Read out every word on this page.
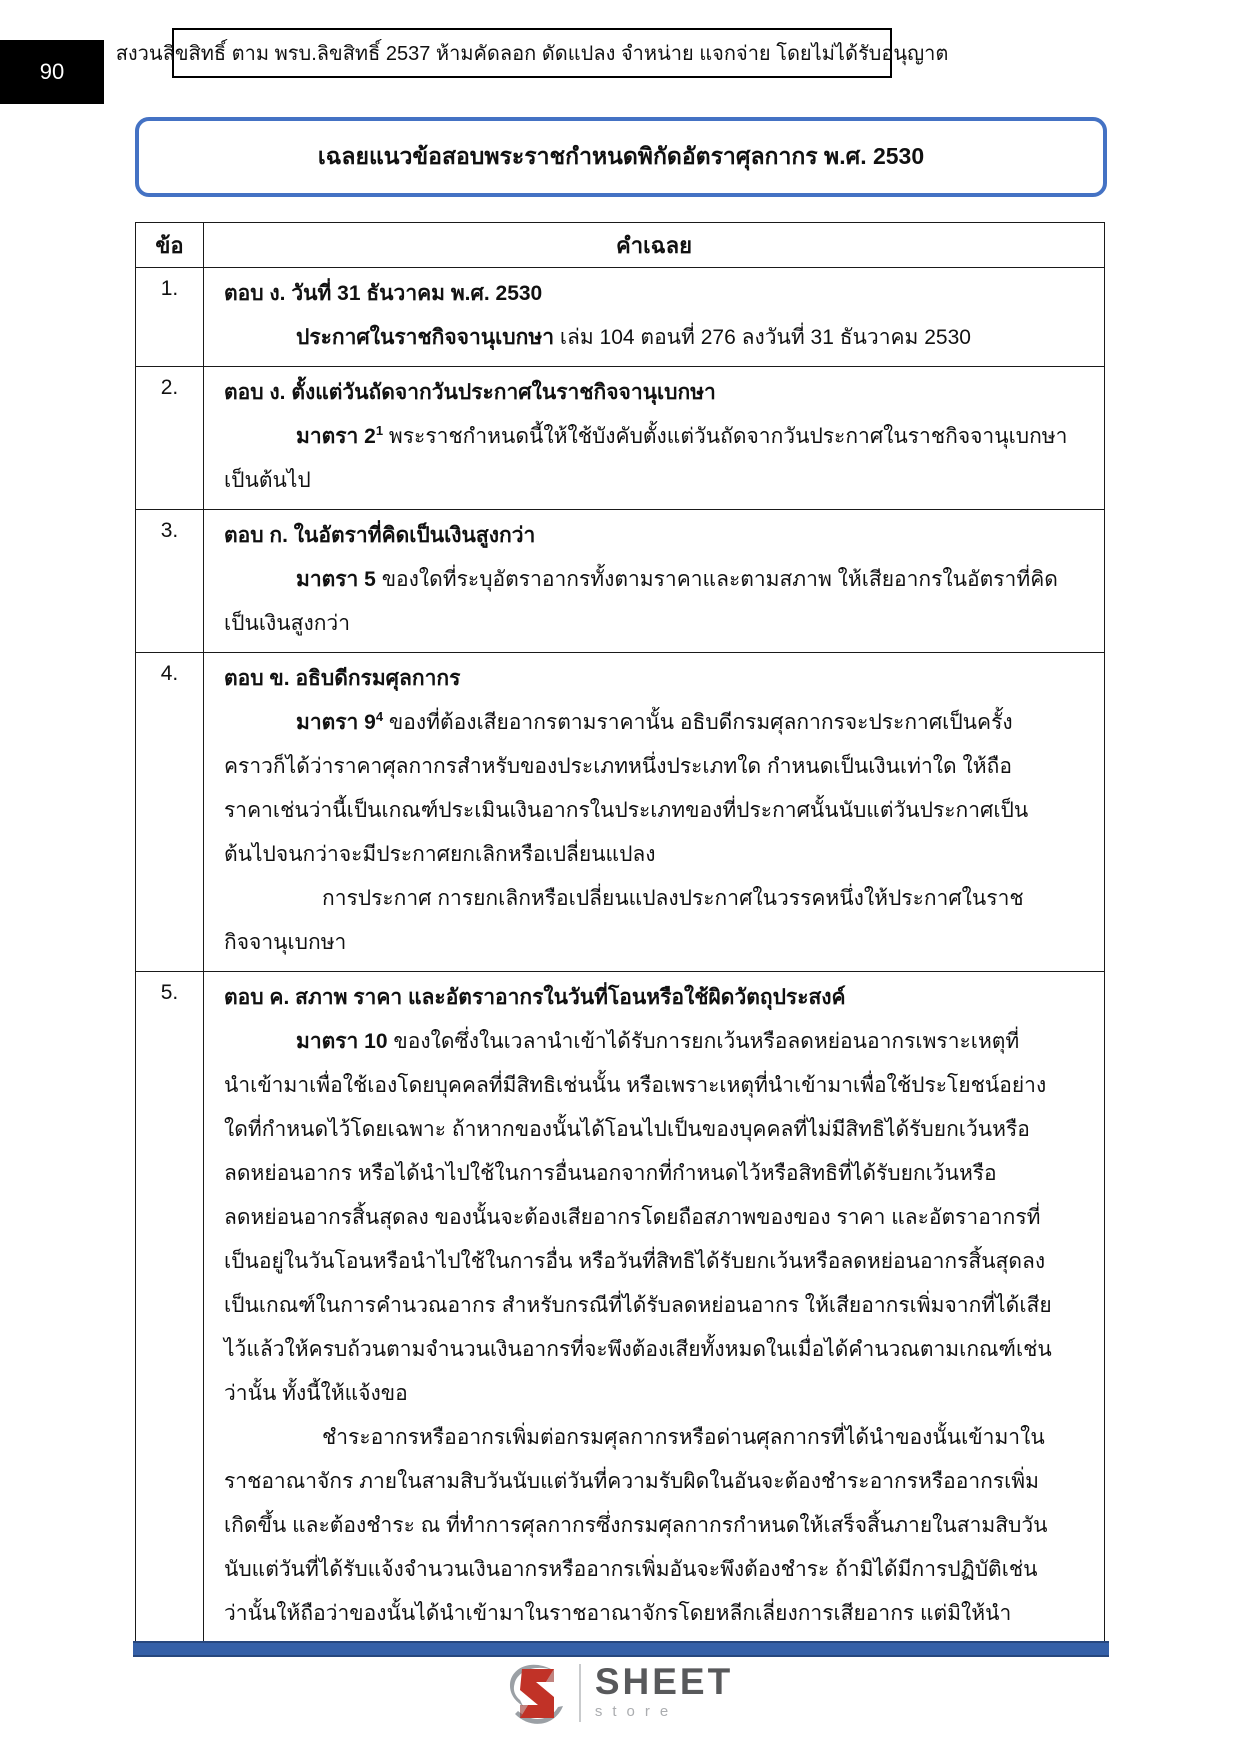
90
สงวนลิขสิทธิ์ ตาม พรบ.ลิขสิทธิ์ 2537 ห้ามคัดลอก ดัดแปลง จำหน่าย แจกจ่าย โดยไม่ได้รับอนุญาต
เฉลยแนวข้อสอบพระราชกำหนดพิกัดอัตราศุลกากร พ.ศ. 2530
ข้อ	คำเฉลย
1.	ตอบ ง. วันที่ 31 ธันวาคม พ.ศ. 2530
ประกาศในราชกิจจานุเบกษา เล่ม 104 ตอนที่ 276 ลงวันที่ 31 ธันวาคม 2530

2.	ตอบ ง. ตั้งแต่วันถัดจากวันประกาศในราชกิจจานุเบกษา
มาตรา $2^1$ พระราชกำหนดนี้ให้ใช้บังคับตั้งแต่วันถัดจากวันประกาศในราชกิจจานุเบกษา
เป็นต้นไป

3.	ตอบ ก. ในอัตราที่คิดเป็นเงินสูงกว่า
มาตรา 5 ของใดที่ระบุอัตราอากรทั้งตามราคาและตามสภาพ ให้เสียอากรในอัตราที่คิด
เป็นเงินสูงกว่า

4.	ตอบ ข. อธิบดีกรมศุลกากร
มาตรา $9^4$ ของที่ต้องเสียอากรตามราคานั้น อธิบดีกรมศุลกากรจะประกาศเป็นครั้ง
คราวก็ได้ว่าราคาศุลกากรสำหรับของประเภทหนึ่งประเภทใด กำหนดเป็นเงินเท่าใด ให้ถือ
ราคาเช่นว่านี้เป็นเกณฑ์ประเมินเงินอากรในประเภทของที่ประกาศนั้นนับแต่วันประกาศเป็น
ต้นไปจนกว่าจะมีประกาศยกเลิกหรือเปลี่ยนแปลง
การประกาศ การยกเลิกหรือเปลี่ยนแปลงประกาศในวรรคหนึ่งให้ประกาศในราช
กิจจานุเบกษา

5.	ตอบ ค. สภาพ ราคา และอัตราอากรในวันที่โอนหรือใช้ผิดวัตถุประสงค์
มาตรา 10 ของใดซึ่งในเวลานำเข้าได้รับการยกเว้นหรือลดหย่อนอากรเพราะเหตุที่
นำเข้ามาเพื่อใช้เองโดยบุคคลที่มีสิทธิเช่นนั้น หรือเพราะเหตุที่นำเข้ามาเพื่อใช้ประโยชน์อย่าง
ใดที่กำหนดไว้โดยเฉพาะ ถ้าหากของนั้นได้โอนไปเป็นของบุคคลที่ไม่มีสิทธิได้รับยกเว้นหรือ
ลดหย่อนอากร หรือได้นำไปใช้ในการอื่นนอกจากที่กำหนดไว้หรือสิทธิที่ได้รับยกเว้นหรือ
ลดหย่อนอากรสิ้นสุดลง ของนั้นจะต้องเสียอากรโดยถือสภาพของของ ราคา และอัตราอากรที่
เป็นอยู่ในวันโอนหรือนำไปใช้ในการอื่น หรือวันที่สิทธิได้รับยกเว้นหรือลดหย่อนอากรสิ้นสุดลง
เป็นเกณฑ์ในการคำนวณอากร สำหรับกรณีที่ได้รับลดหย่อนอากร ให้เสียอากรเพิ่มจากที่ได้เสีย
ไว้แล้วให้ครบถ้วนตามจำนวนเงินอากรที่จะพึงต้องเสียทั้งหมดในเมื่อได้คำนวณตามเกณฑ์เช่น
ว่านั้น ทั้งนี้ให้แจ้งขอ
ชำระอากรหรืออากรเพิ่มต่อกรมศุลกากรหรือด่านศุลกากรที่ได้นำของนั้นเข้ามาใน
ราชอาณาจักร ภายในสามสิบวันนับแต่วันที่ความรับผิดในอันจะต้องชำระอากรหรืออากรเพิ่ม
เกิดขึ้น และต้องชำระ ณ ที่ทำการศุลกากรซึ่งกรมศุลกากรกำหนดให้เสร็จสิ้นภายในสามสิบวัน
นับแต่วันที่ได้รับแจ้งจำนวนเงินอากรหรืออากรเพิ่มอันจะพึงต้องชำระ ถ้ามิได้มีการปฏิบัติเช่น
ว่านั้นให้ถือว่าของนั้นได้นำเข้ามาในราชอาณาจักรโดยหลีกเลี่ยงการเสียอากร แต่มิให้นำ
SHEET
store
